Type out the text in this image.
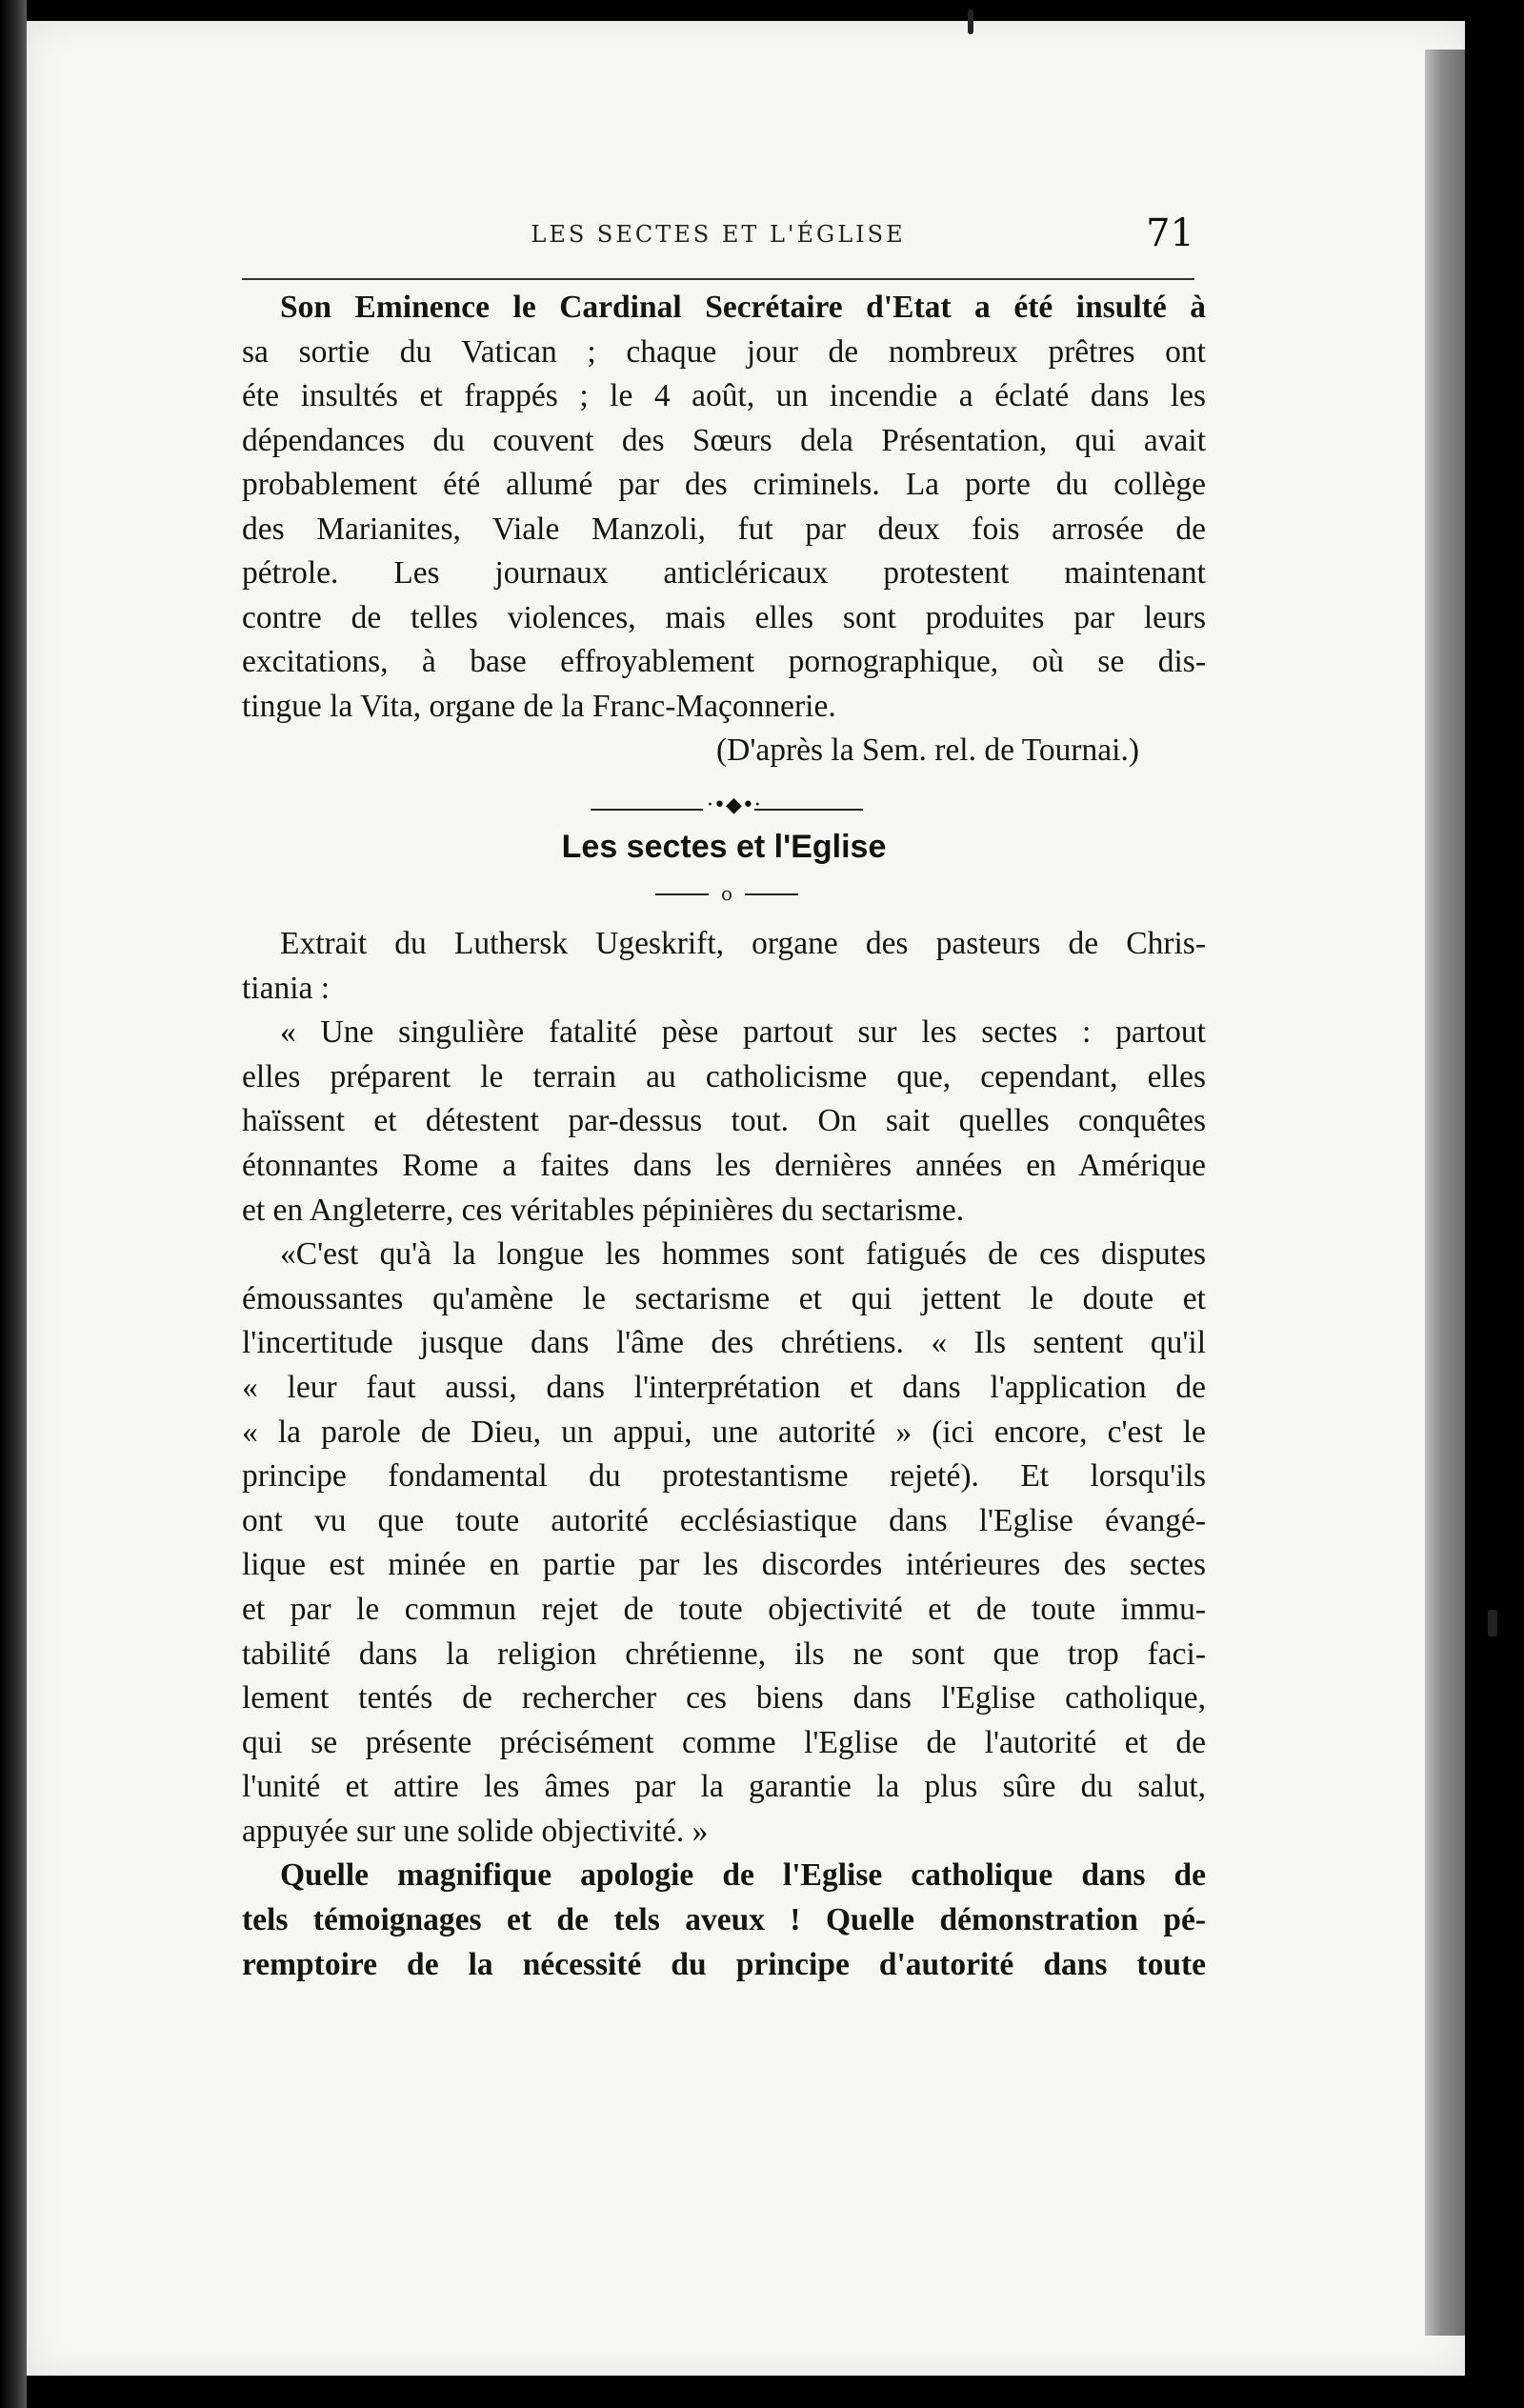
LES SECTES ET L'ÉGLISE	71
Son Eminence le Cardinal Secrétaire d'Etat a été insulté à
sa sortie du Vatican ; chaque jour de nombreux prêtres ont
éte insultés et frappés ; le 4 août, un incendie a éclaté dans les
dépendances du couvent des Sœurs dela Présentation, qui avait
probablement été allumé par des criminels. La porte du collège
des Marianites, Viale Manzoli, fut par deux fois arrosée de
pétrole. Les journaux anticléricaux protestent maintenant
contre de telles violences, mais elles sont produites par leurs
excitations, à base effroyablement pornographique, où se dis-
tingue la Vita, organe de la Franc-Maçonnerie.
(D'après la Sem. rel. de Tournai.)
·•◆•·
Les sectes et l'Eglise
o
Extrait du Luthersk Ugeskrift, organe des pasteurs de Chris-
tiania :
« Une singulière fatalité pèse partout sur les sectes : partout
elles préparent le terrain au catholicisme que, cependant, elles
haïssent et détestent par-dessus tout. On sait quelles conquêtes
étonnantes Rome a faites dans les dernières années en Amérique
et en Angleterre, ces véritables pépinières du sectarisme.
«C'est qu'à la longue les hommes sont fatigués de ces disputes
émoussantes qu'amène le sectarisme et qui jettent le doute et
l'incertitude jusque dans l'âme des chrétiens. « Ils sentent qu'il
« leur faut aussi, dans l'interprétation et dans l'application de
« la parole de Dieu, un appui, une autorité » (ici encore, c'est le
principe fondamental du protestantisme rejeté). Et lorsqu'ils
ont vu que toute autorité ecclésiastique dans l'Eglise évangé-
lique est minée en partie par les discordes intérieures des sectes
et par le commun rejet de toute objectivité et de toute immu-
tabilité dans la religion chrétienne, ils ne sont que trop faci-
lement tentés de rechercher ces biens dans l'Eglise catholique,
qui se présente précisément comme l'Eglise de l'autorité et de
l'unité et attire les âmes par la garantie la plus sûre du salut,
appuyée sur une solide objectivité. »
Quelle magnifique apologie de l'Eglise catholique dans de
tels témoignages et de tels aveux ! Quelle démonstration pé-
remptoire de la nécessité du principe d'autorité dans toute
